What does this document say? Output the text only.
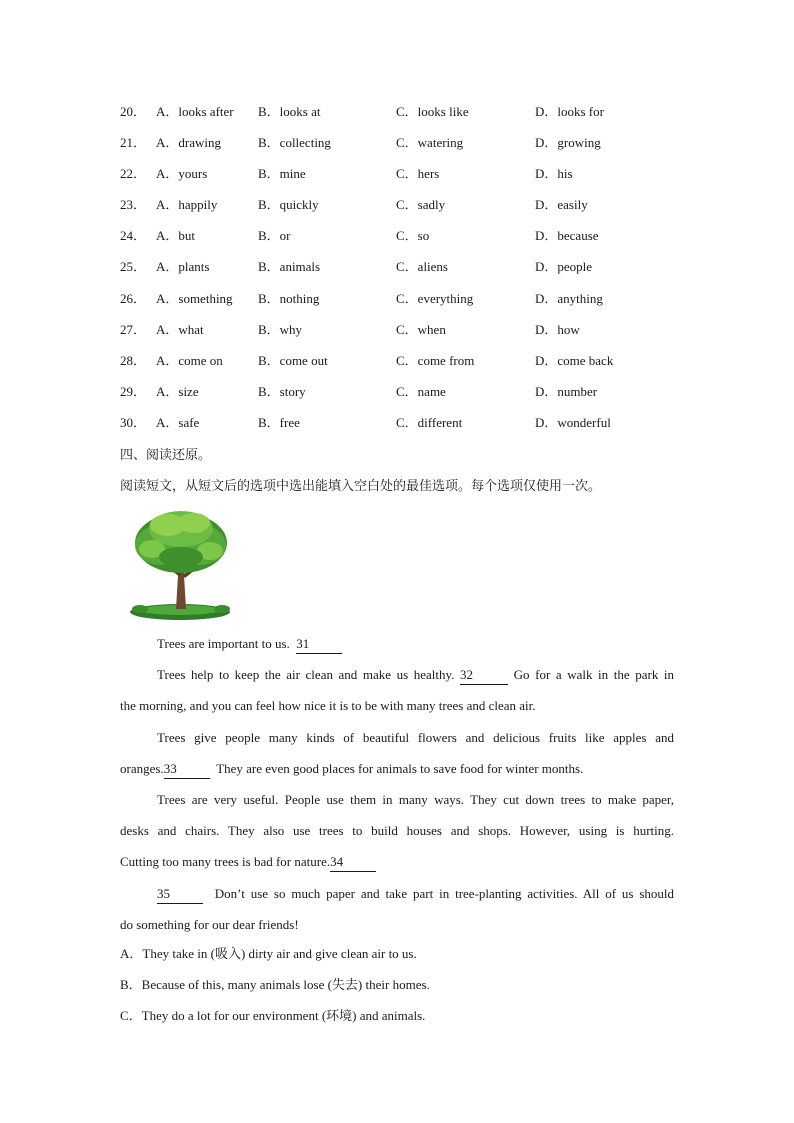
20． A．looks after B．looks at	C．looks like	D．looks for
21． A．drawing	B．collecting	C．watering	D．growing
22． A．yours	B．mine	C．hers	D．his
23． A．happily	B．quickly	C．sadly	D．easily
24． A．but	B．or	C．so	D．because
25． A．plants	B．animals	C．aliens	D．people
26． A．something B．nothing	C．everything	D．anything
27． A．what	B．why	C．when	D．how
28． A．come on	B．come out	C．come from	D．come back
29． A．size	B．story	C．name	D．number
30． A．safe	B．free	C．different	D．wonderful
四、阅读还原。
阅读短文，从短文后的选项中选出能填入空白处的最佳选项。每个选项仅使用一次。
Trees are important to us. 31
Trees help to keep the air clean and make us healthy. 32	Go for a walk in the park in
the morning, and you can feel how nice it is to be with many trees and clean air.
Trees give people many kinds of beautiful flowers and delicious fruits like apples and
oranges.33	They are even good places for animals to save food for winter months.
Trees are very useful. People use them in many ways. They cut down trees to make paper,
desks and chairs. They also use trees to build houses and shops. However, using is hurting.
Cutting too many trees is bad for nature.34
35	Don’t use so much paper and take part in tree-planting activities. All of us should
do something for our dear friends!
A．They take in (吸入) dirty air and give clean air to us.
B．Because of this, many animals lose (失去) their homes.
C．They do a lot for our environment (环境) and animals.
